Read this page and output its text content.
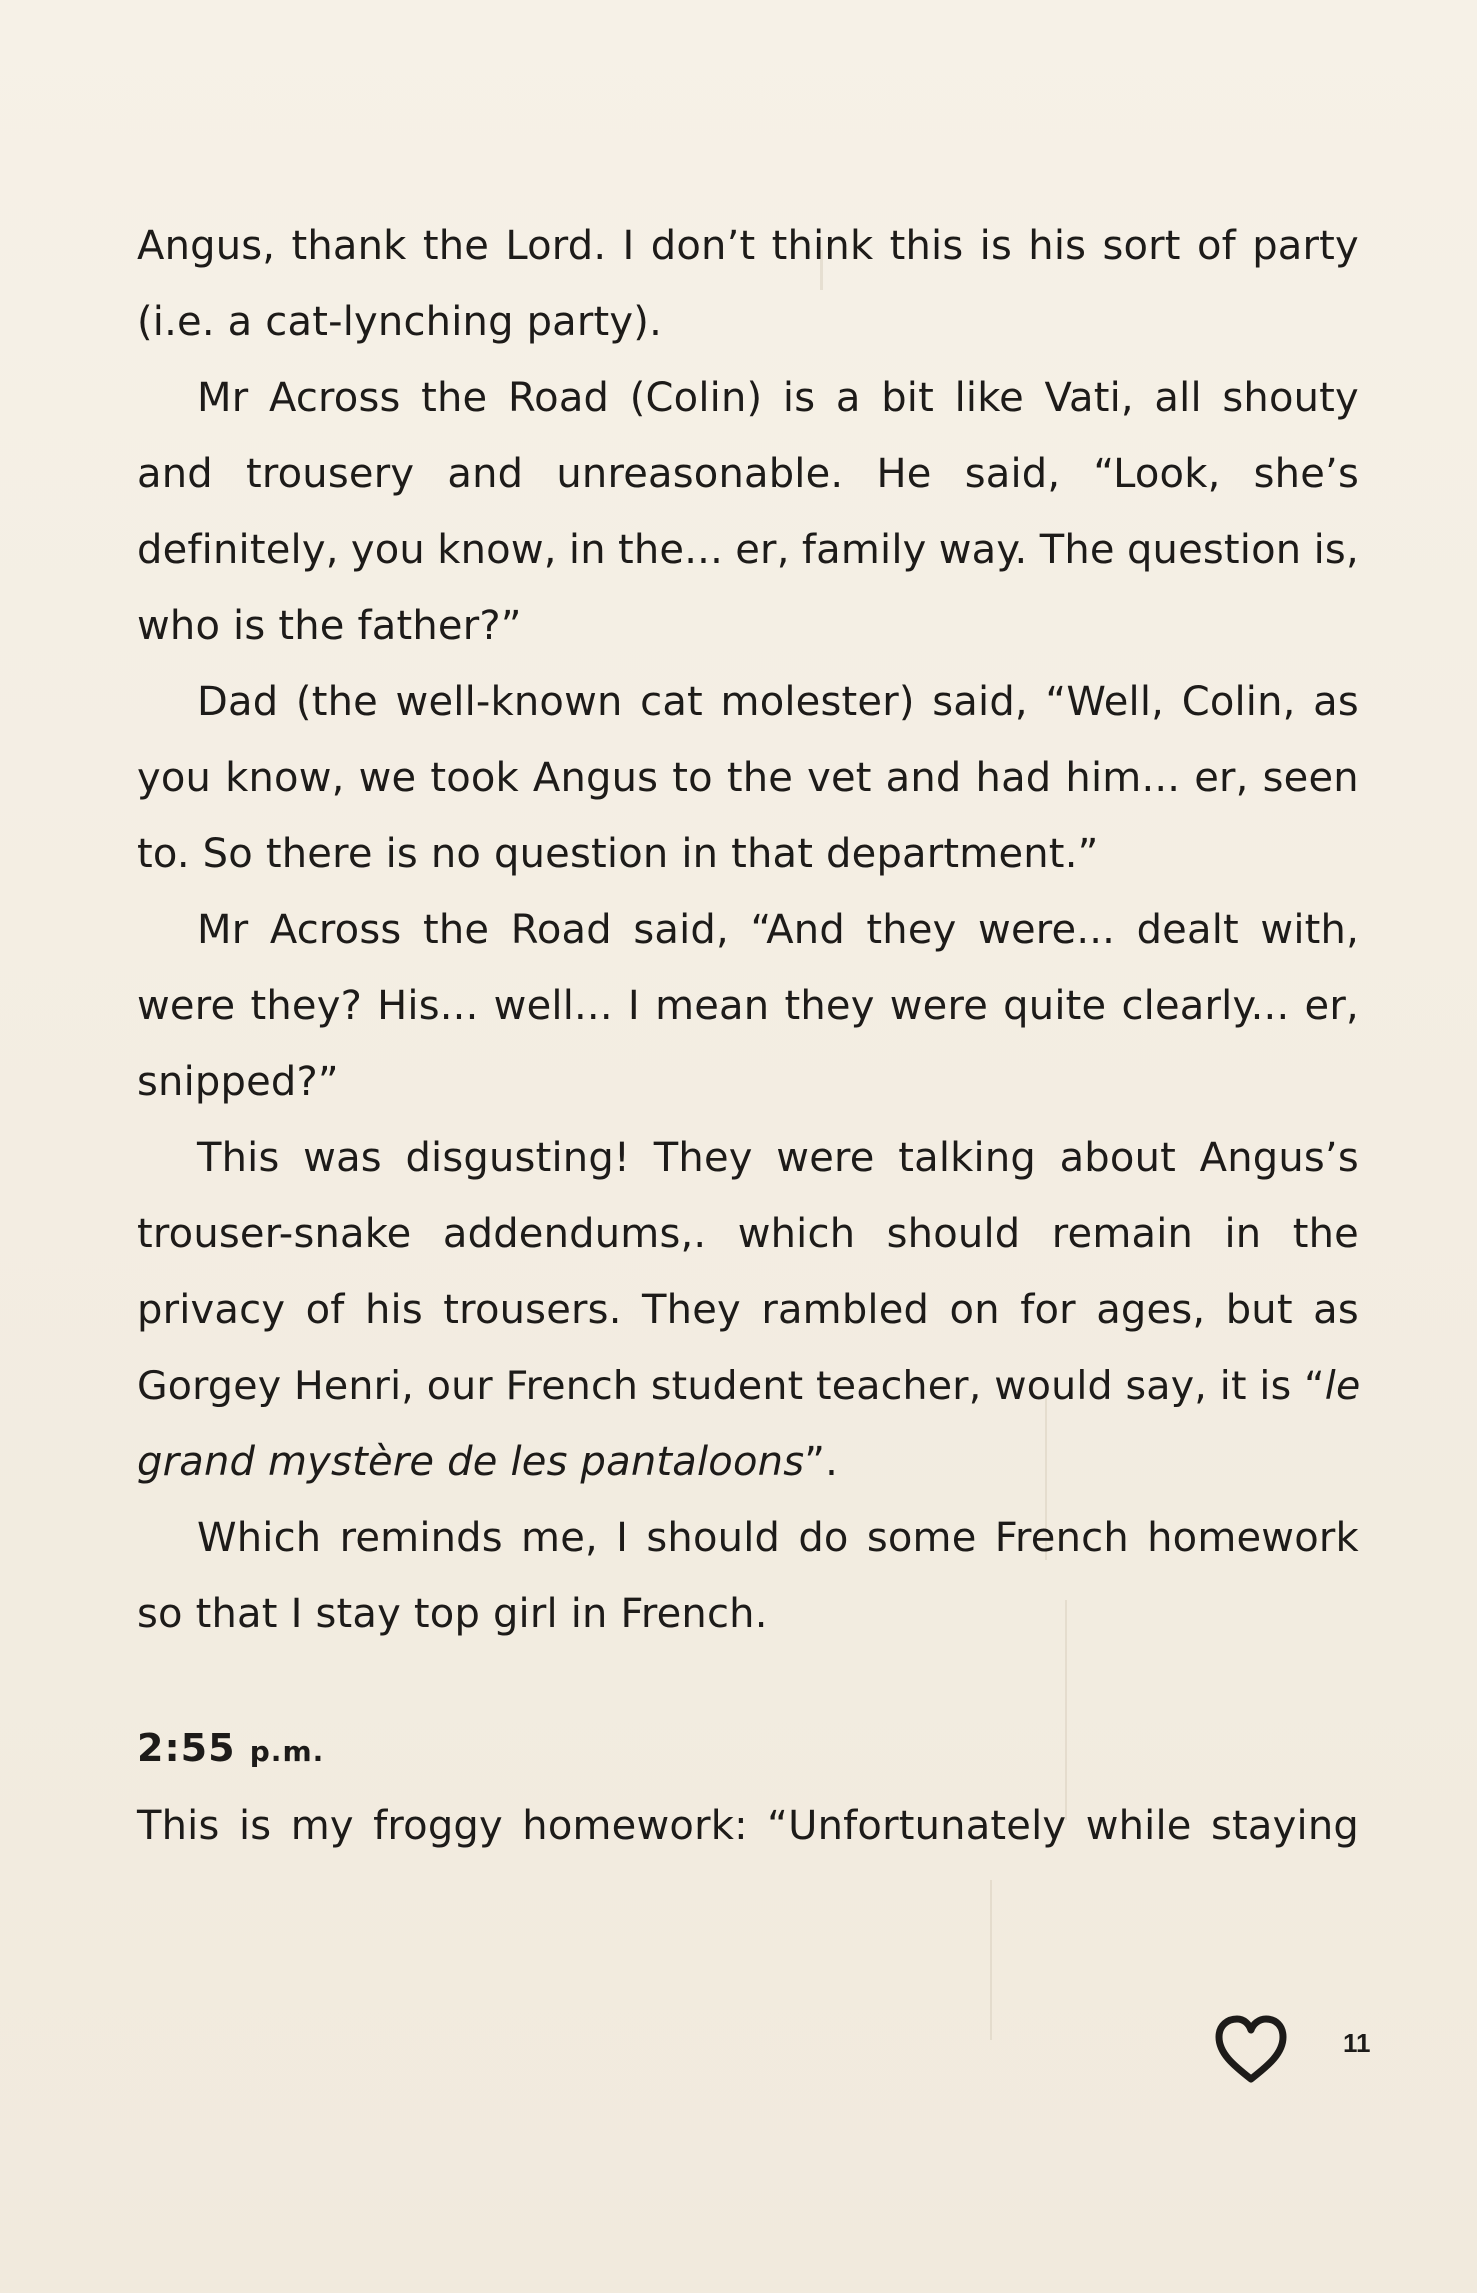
Angus, thank the Lord. I don’t think this is his sort of party

(i.e. a cat-lynching party).

Mr Across the Road (Colin) is a bit like Vati, all shouty

and trousery and unreasonable. He said, “Look, she’s

definitely, you know, in the... er, family way. The question is,

who is the father?”

Dad (the well-known cat molester) said, “Well, Colin, as

you know, we took Angus to the vet and had him... er, seen

to. So there is no question in that department.”

Mr Across the Road said, “And they were... dealt with,

were they? His... well... I mean they were quite clearly... er,

snipped?”

This was disgusting! They were talking about Angus’s

trouser-snake addendums,. which should remain in the

privacy of his trousers. They rambled on for ages, but as

Gorgey Henri, our French student teacher, would say, it is “le

grand mystère de les pantaloons”.

Which reminds me, I should do some French homework

so that I stay top girl in French.

2:55 p.m.

This is my froggy homework: “Unfortunately while staying

11
